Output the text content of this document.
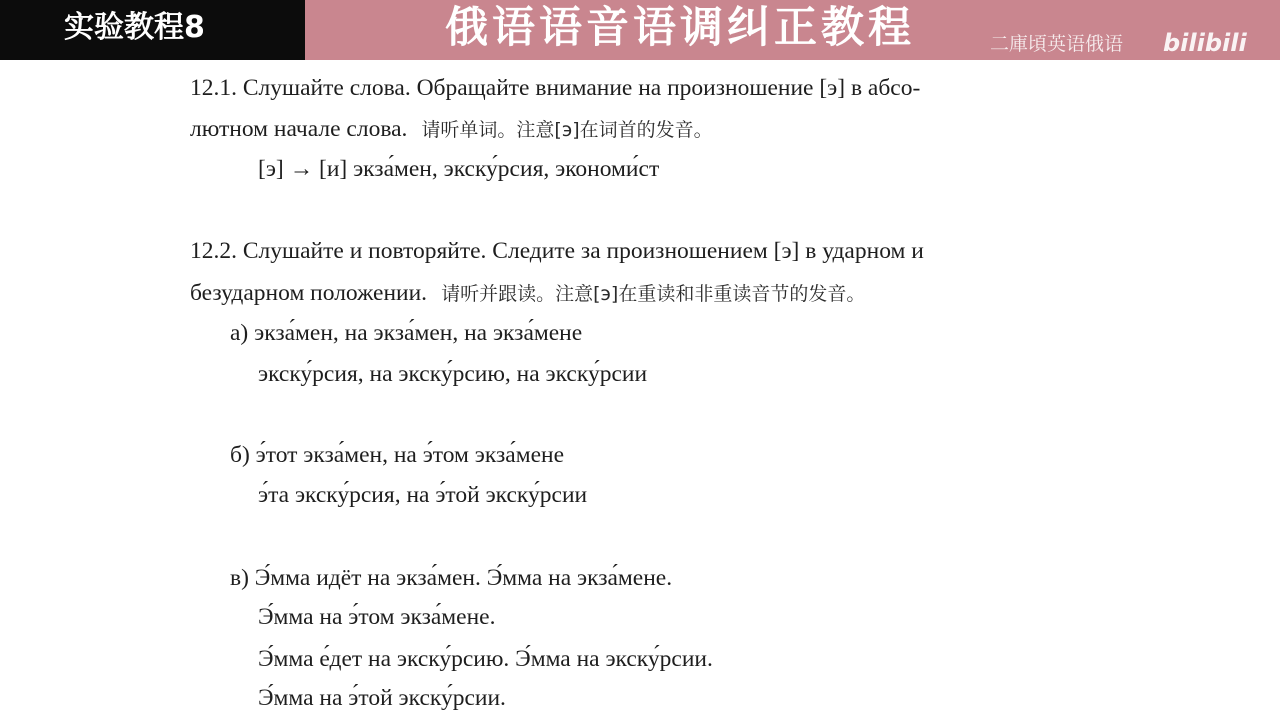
实验教程8	俄语语音语调纠正教程	二庫頃英语俄语 bilibili
12.1. Слушайте слова. Обращайте внимание на произношение [э] в абсо-
лютном начале слова. 请听单词。注意[э]在词首的发音。
[э] → [и] экза́мен, экску́рсия, экономи́ст
12.2. Слушайте и повторяйте. Следите за произношением [э] в ударном и
безударном положении. 请听并跟读。注意[э]在重读和非重读音节的发音。
а) экза́мен, на экза́мен, на экза́мене
экску́рсия, на экску́рсию, на экску́рсии
б) э́тот экза́мен, на э́том экза́мене
э́та экску́рсия, на э́той экску́рсии
в) Э́мма идёт на экза́мен. Э́мма на экза́мене.
Э́мма на э́том экза́мене.
Э́мма е́дет на экску́рсию. Э́мма на экску́рсии.
Э́мма на э́той экску́рсии.
